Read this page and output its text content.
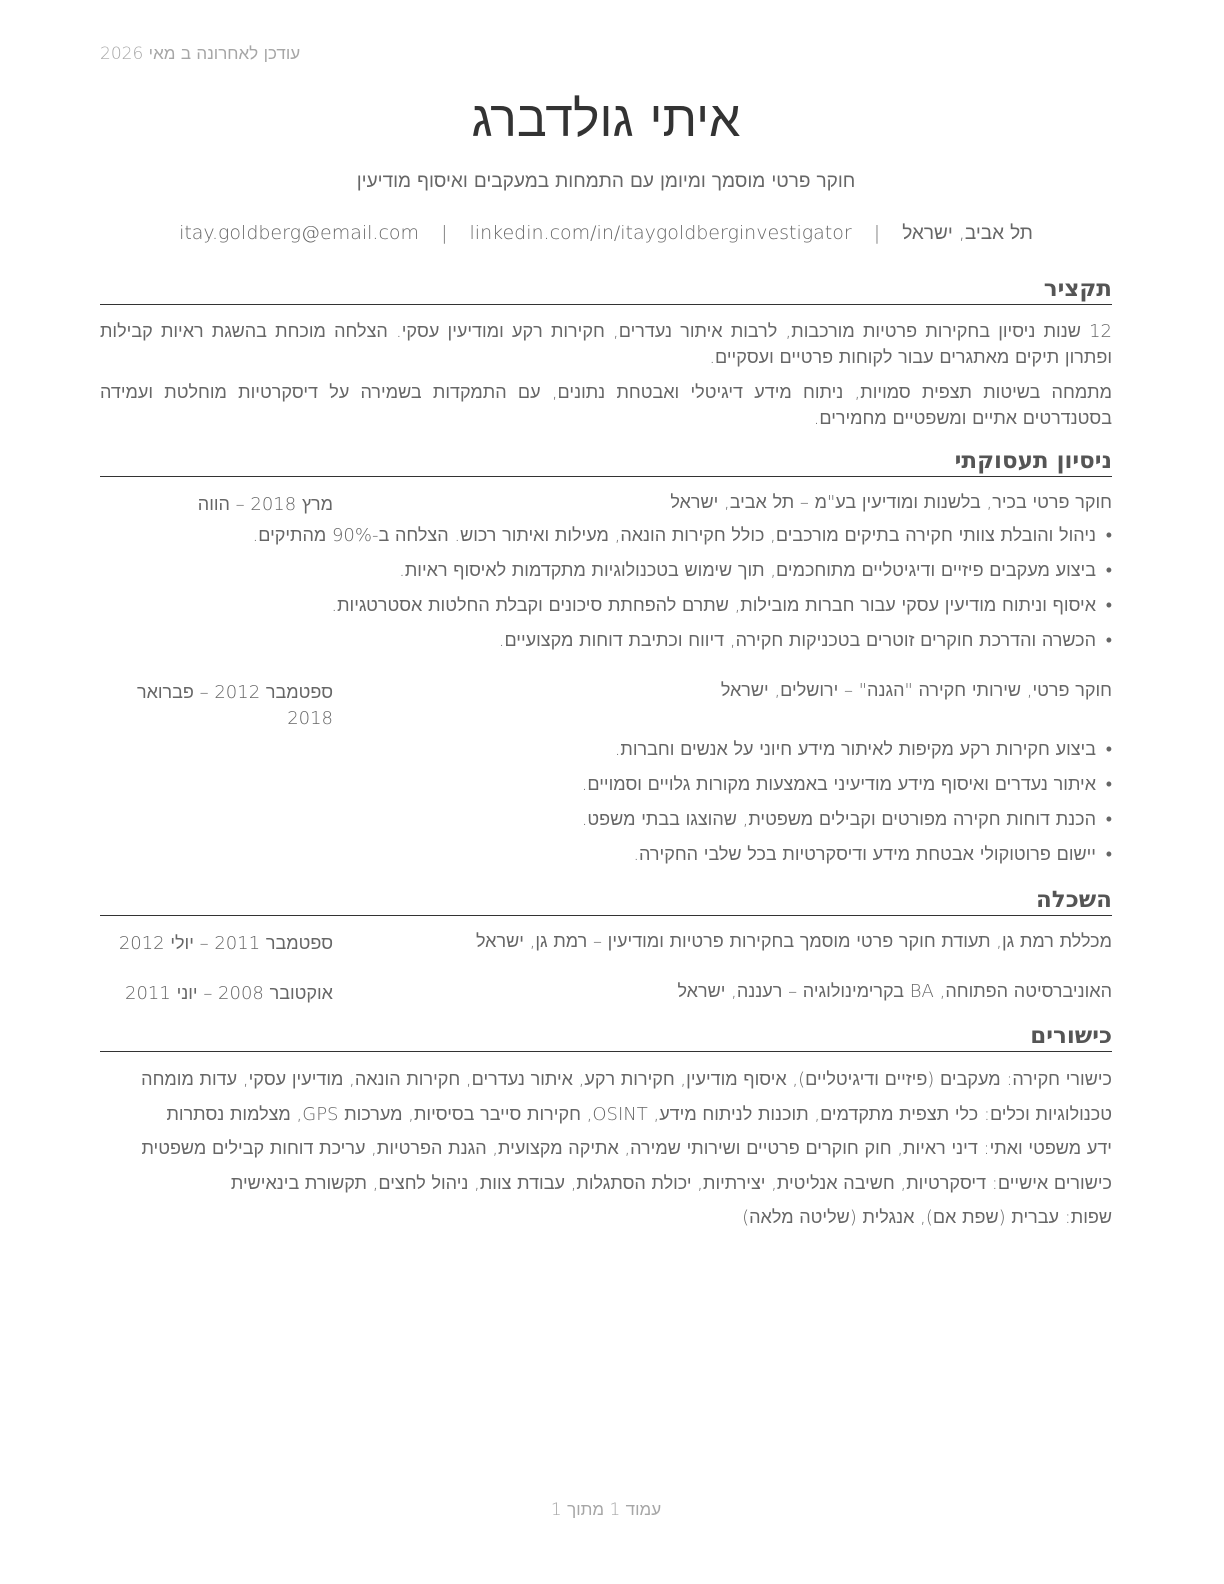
עודכן לאחרונה ב מאי 2026
איתי גולדברג
חוקר פרטי מוסמך ומיומן עם התמחות במעקבים ואיסוף מודיעין
תל אביב, ישראל | itay.goldberg@email.com | linkedin.com/in/itaygoldberginvestigator
תקציר

12 שנות ניסיון בחקירות פרטיות מורכבות, לרבות איתור נעדרים, חקירות רקע ומודיעין עסקי. הצלחה מוכחת בהשגת ראיות קבילות ופתרון תיקים מאתגרים עבור לקוחות פרטיים ועסקיים.

מתמחה בשיטות תצפית סמויות, ניתוח מידע דיגיטלי ואבטחת נתונים, עם התמקדות בשמירה על דיסקרטיות מוחלטת ועמידה בסטנדרטים אתיים ומשפטיים מחמירים.

ניסיון תעסוקתי
חוקר פרטי בכיר, בלשנות ומודיעין בע"מ – תל אביב, ישראל
מרץ 2018 – הווה
• ניהול והובלת צוותי חקירה בתיקים מורכבים, כולל חקירות הונאה, מעילות ואיתור רכוש. הצלחה ב-90% מהתיקים.
• ביצוע מעקבים פיזיים ודיגיטליים מתוחכמים, תוך שימוש בטכנולוגיות מתקדמות לאיסוף ראיות.
• איסוף וניתוח מודיעין עסקי עבור חברות מובילות, שתרם להפחתת סיכונים וקבלת החלטות אסטרטגיות.
• הכשרה והדרכת חוקרים זוטרים בטכניקות חקירה, דיווח וכתיבת דוחות מקצועיים.
חוקר פרטי, שירותי חקירה "הגנה" – ירושלים, ישראל
ספטמבר 2012 – פברואר 2018
• ביצוע חקירות רקע מקיפות לאיתור מידע חיוני על אנשים וחברות.
• איתור נעדרים ואיסוף מידע מודיעיני באמצעות מקורות גלויים וסמויים.
• הכנת דוחות חקירה מפורטים וקבילים משפטית, שהוצגו בבתי משפט.
• יישום פרוטוקולי אבטחת מידע ודיסקרטיות בכל שלבי החקירה.
השכלה
מכללת רמת גן, תעודת חוקר פרטי מוסמך בחקירות פרטיות ומודיעין – רמת גן, ישראל
ספטמבר 2011 – יולי 2012
האוניברסיטה הפתוחה, BA בקרימינולוגיה – רעננה, ישראל
אוקטובר 2008 – יוני 2011
כישורים
כישורי חקירה: מעקבים (פיזיים ודיגיטליים), איסוף מודיעין, חקירות רקע, איתור נעדרים, חקירות הונאה, מודיעין עסקי, עדות מומחה
טכנולוגיות וכלים: כלי תצפית מתקדמים, תוכנות לניתוח מידע, OSINT, חקירות סייבר בסיסיות, מערכות GPS, מצלמות נסתרות
ידע משפטי ואתי: דיני ראיות, חוק חוקרים פרטיים ושירותי שמירה, אתיקה מקצועית, הגנת הפרטיות, עריכת דוחות קבילים משפטית
כישורים אישיים: דיסקרטיות, חשיבה אנליטית, יצירתיות, יכולת הסתגלות, עבודת צוות, ניהול לחצים, תקשורת בינאישית
שפות: עברית (שפת אם), אנגלית (שליטה מלאה)
עמוד 1 מתוך 1
